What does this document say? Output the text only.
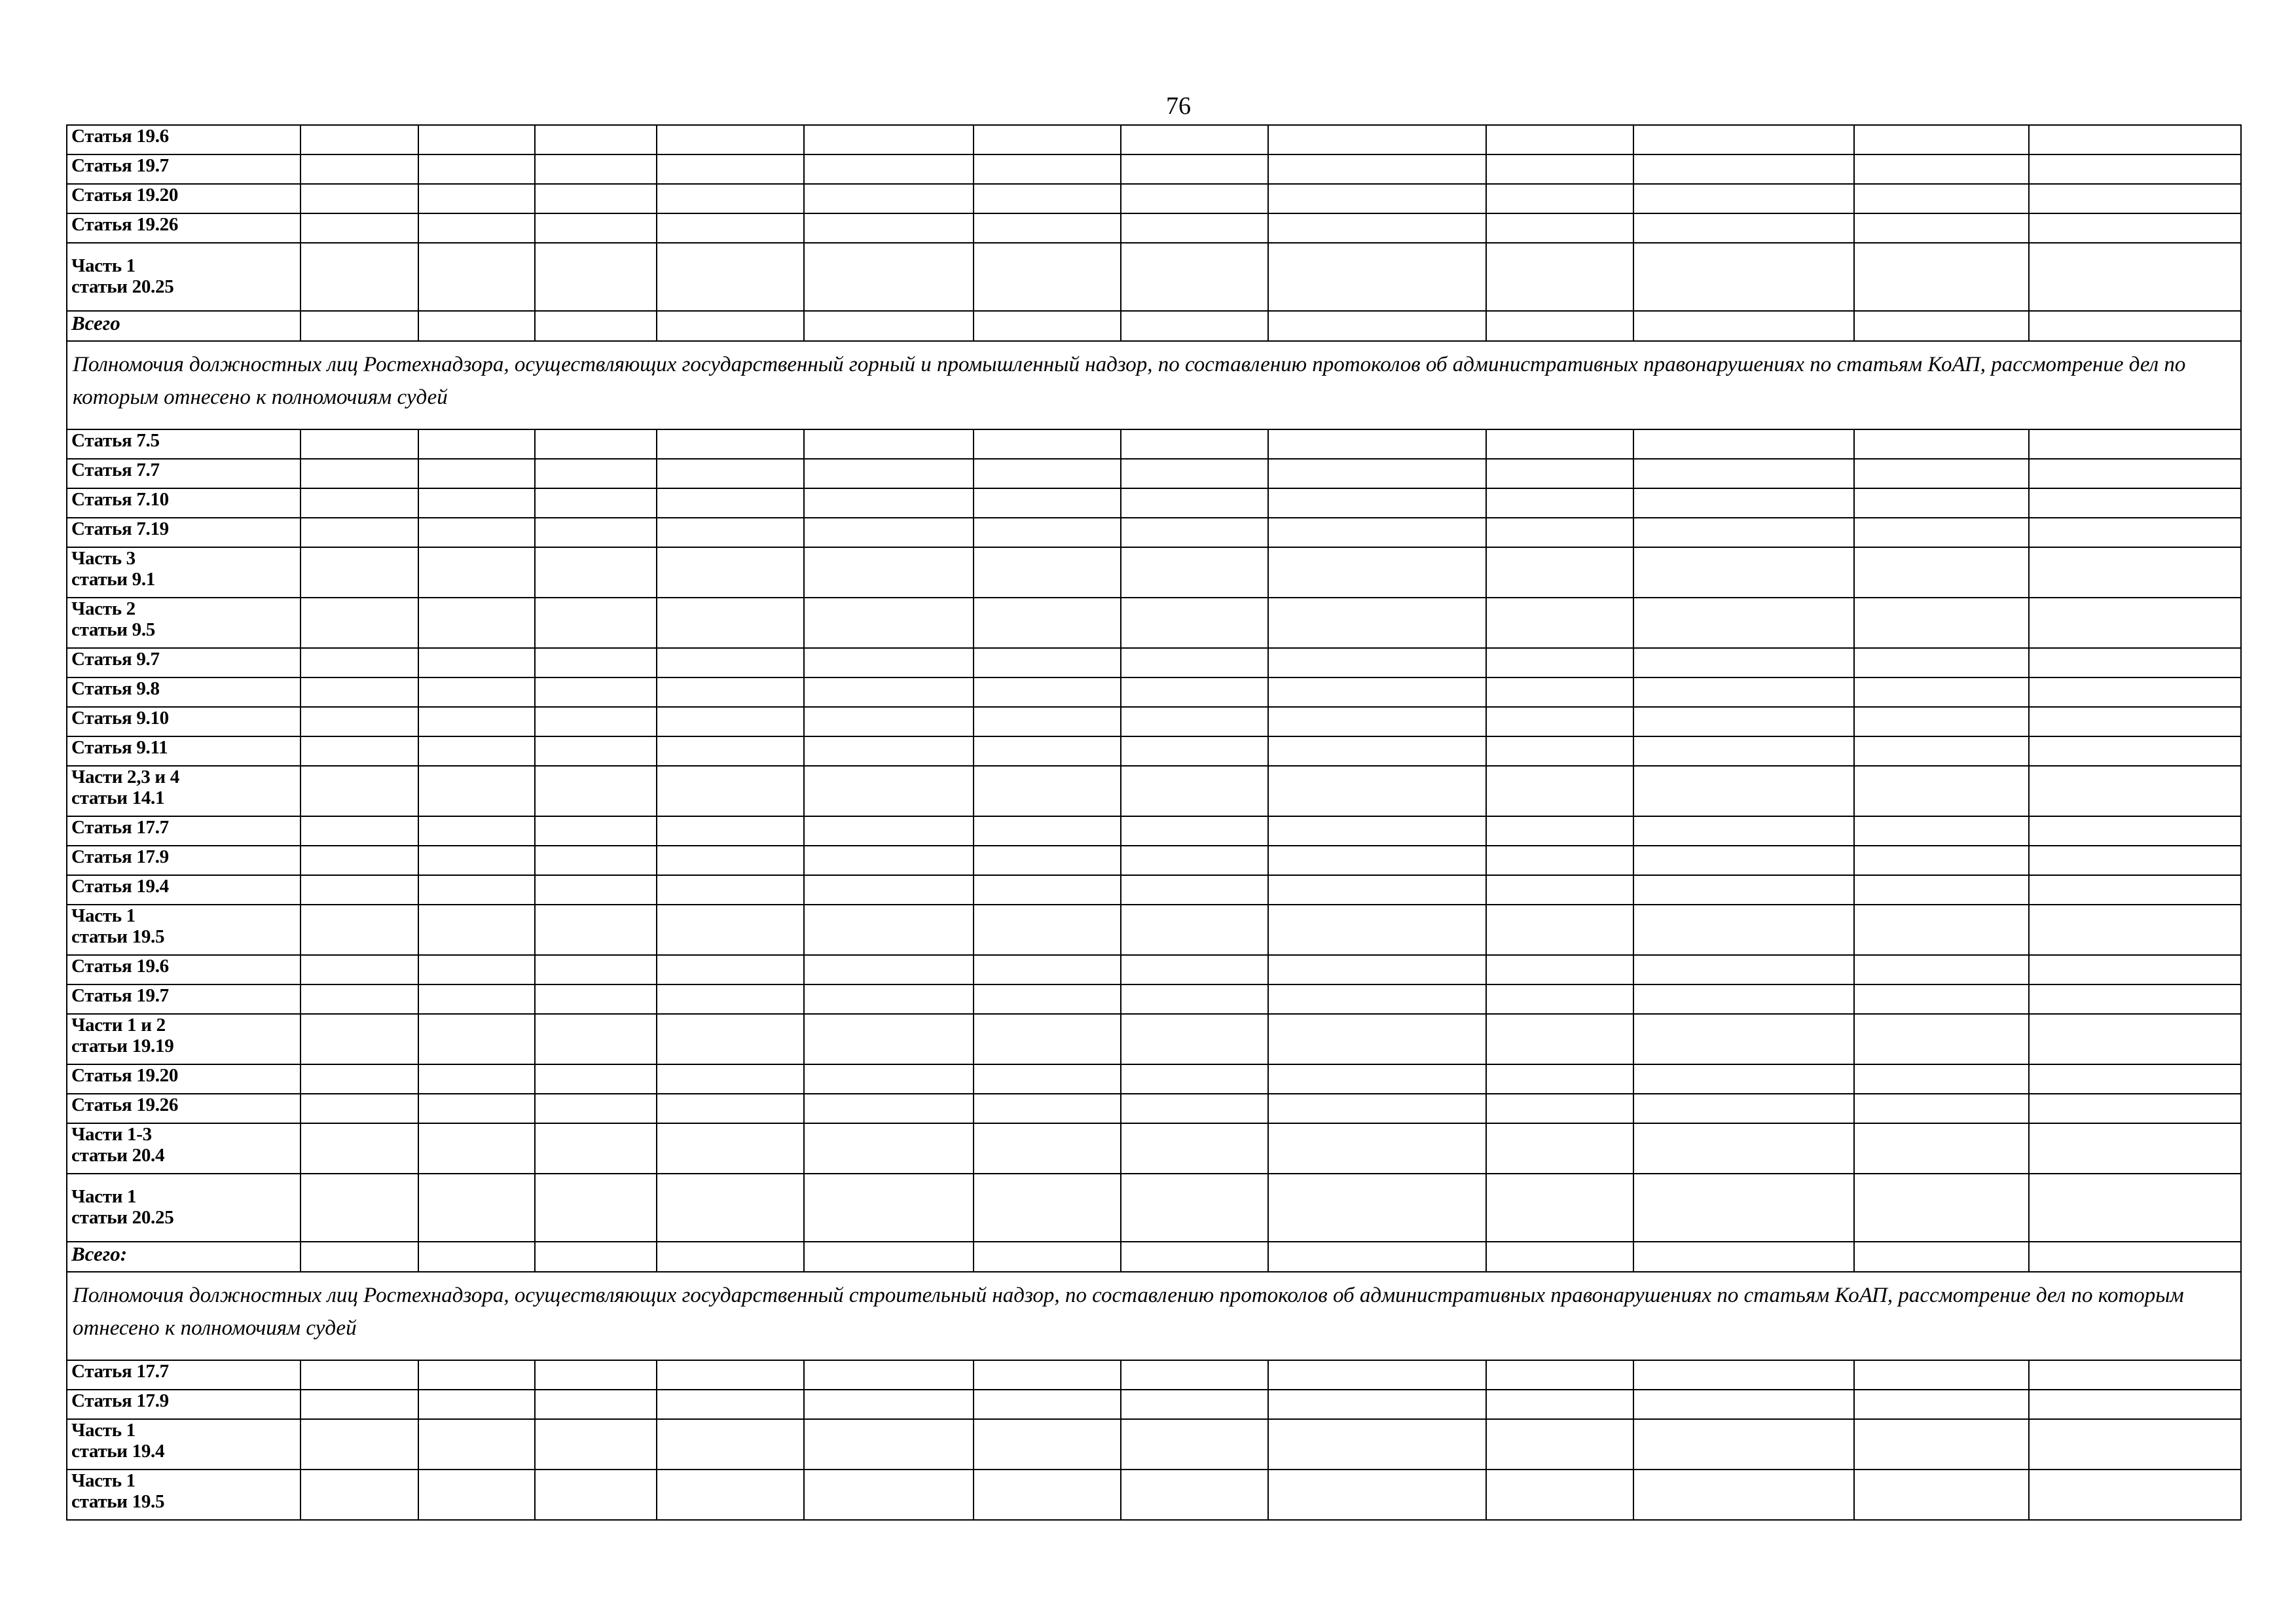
76
Статья 19.6												
Статья 19.7												
Статья 19.20												
Статья 19.26												
Часть 1
статьи 20.25												
Всего												
Полномочия должностных лиц Ростехнадзора, осуществляющих государственный горный и промышленный надзор, по составлению протоколов об административных правонарушениях по статьям КоАП, рассмотрение дел по которым отнесено к полномочиям судей												
Статья 7.5												
Статья 7.7												
Статья 7.10												
Статья 7.19												
Часть 3
статьи 9.1												
Часть 2
статьи 9.5												
Статья 9.7												
Статья 9.8												
Статья 9.10												
Статья 9.11												
Части 2,3 и 4
статьи 14.1												
Статья 17.7												
Статья 17.9												
Статья 19.4												
Часть 1
статьи 19.5												
Статья 19.6												
Статья 19.7												
Части 1 и 2
статьи 19.19												
Статья 19.20												
Статья 19.26												
Части 1-3
статьи 20.4												
Части 1
статьи 20.25												
Всего:												
Полномочия должностных лиц Ростехнадзора, осуществляющих государственный строительный надзор, по составлению протоколов об административных правонарушениях по статьям КоАП, рассмотрение дел по которым отнесено к полномочиям судей												
Статья 17.7												
Статья 17.9												
Часть 1
статьи 19.4												
Часть 1
статьи 19.5												
